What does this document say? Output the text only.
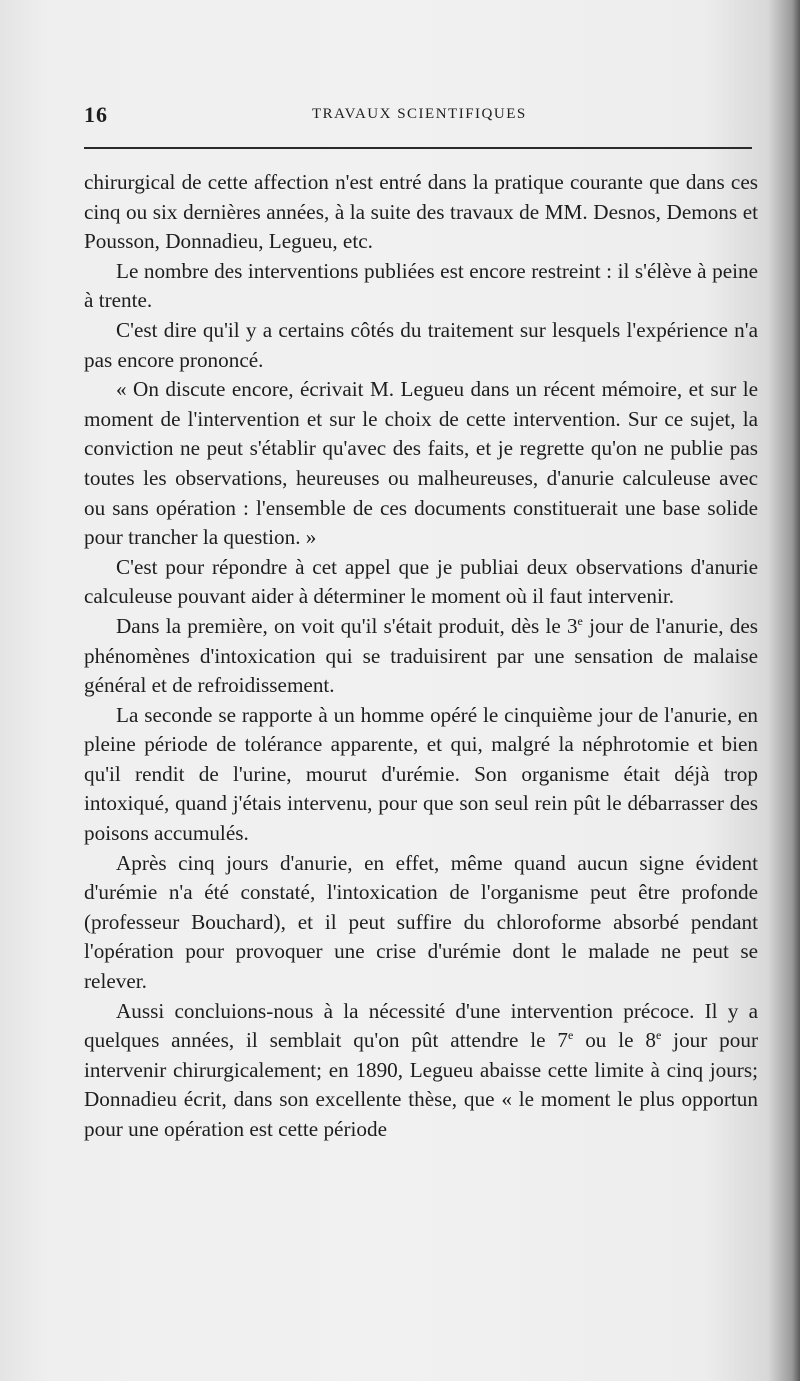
16	TRAVAUX SCIENTIFIQUES

chirurgical de cette affection n'est entré dans la pratique courante que dans ces cinq ou six dernières années, à la suite des travaux de MM. Desnos, Demons et Pousson, Donnadieu, Legueu, etc.

Le nombre des interventions publiées est encore restreint : il s'élève à peine à trente.

C'est dire qu'il y a certains côtés du traitement sur lesquels l'expérience n'a pas encore prononcé.

« On discute encore, écrivait M. Legueu dans un récent mémoire, et sur le moment de l'intervention et sur le choix de cette intervention. Sur ce sujet, la conviction ne peut s'établir qu'avec des faits, et je regrette qu'on ne publie pas toutes les observations, heureuses ou malheureuses, d'anurie calculeuse avec ou sans opération : l'ensemble de ces documents constituerait une base solide pour trancher la question. »

C'est pour répondre à cet appel que je publiai deux observations d'anurie calculeuse pouvant aider à déterminer le moment où il faut intervenir.

Dans la première, on voit qu'il s'était produit, dès le 3e jour de l'anurie, des phénomènes d'intoxication qui se traduisirent par une sensation de malaise général et de refroidissement.

La seconde se rapporte à un homme opéré le cinquième jour de l'anurie, en pleine période de tolérance apparente, et qui, malgré la néphrotomie et bien qu'il rendit de l'urine, mourut d'urémie. Son organisme était déjà trop intoxiqué, quand j'étais intervenu, pour que son seul rein pût le débarrasser des poisons accumulés.

Après cinq jours d'anurie, en effet, même quand aucun signe évident d'urémie n'a été constaté, l'intoxication de l'organisme peut être profonde (professeur Bouchard), et il peut suffire du chloroforme absorbé pendant l'opération pour provoquer une crise d'urémie dont le malade ne peut se relever.

Aussi concluions-nous à la nécessité d'une intervention précoce. Il y a quelques années, il semblait qu'on pût attendre le 7e ou le 8e jour pour intervenir chirurgicalement; en 1890, Legueu abaisse cette limite à cinq jours; Donnadieu écrit, dans son excellente thèse, que « le moment le plus opportun pour une opération est cette période
